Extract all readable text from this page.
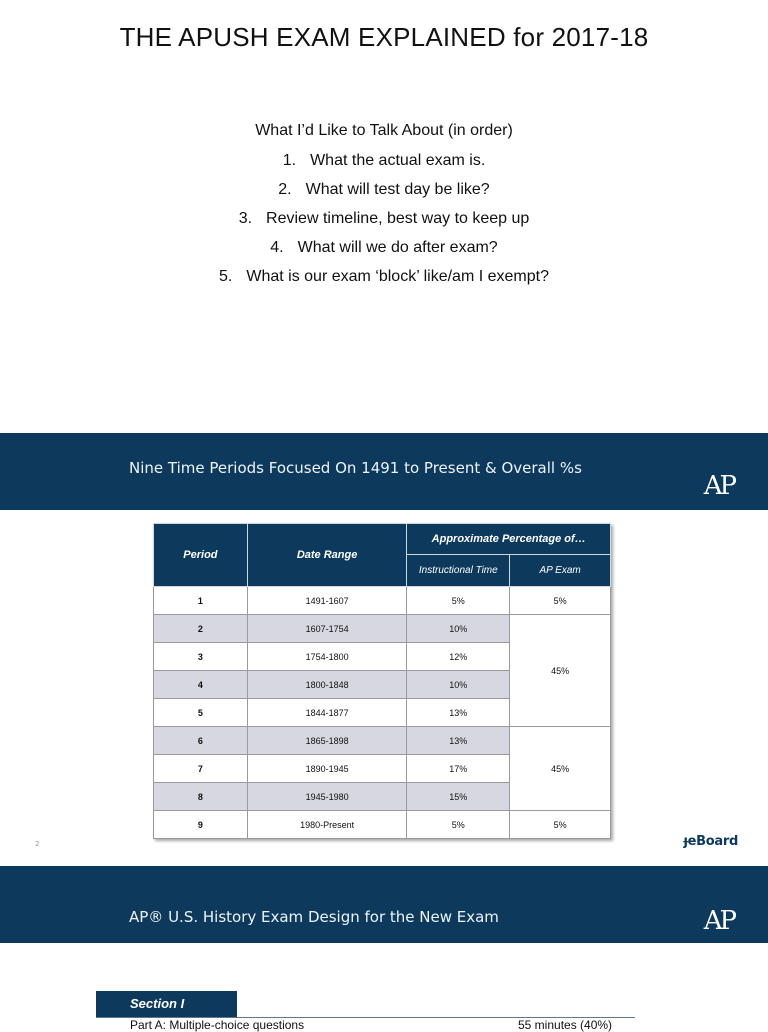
THE APUSH EXAM EXPLAINED for 2017-18
What I’d Like to Talk About (in order)
1. What the actual exam is.
2. What will test day be like?
3. Review timeline, best way to keep up
4. What will we do after exam?
5. What is our exam ‘block’ like/am I exempt?
Nine Time Periods Focused On 1491 to Present & Overall %s
AP
Period	Date Range	Approximate Percentage of…	
		Instructional Time	AP Exam
1	1491-1607	5%	5%
2	1607-1754	10%	45%
3	1754-1800	12%	
4	1800-1848	10%	
5	1844-1877	13%	
6	1865-1898	13%	45%
7	1890-1945	17%	
8	1945-1980	15%	
9	1980-Present	5%	5%
2	ɟeBoard
AP® U.S. History Exam Design for the New Exam	AP
Section I
Part A: Multiple-choice questions	55 minutes (40%)
